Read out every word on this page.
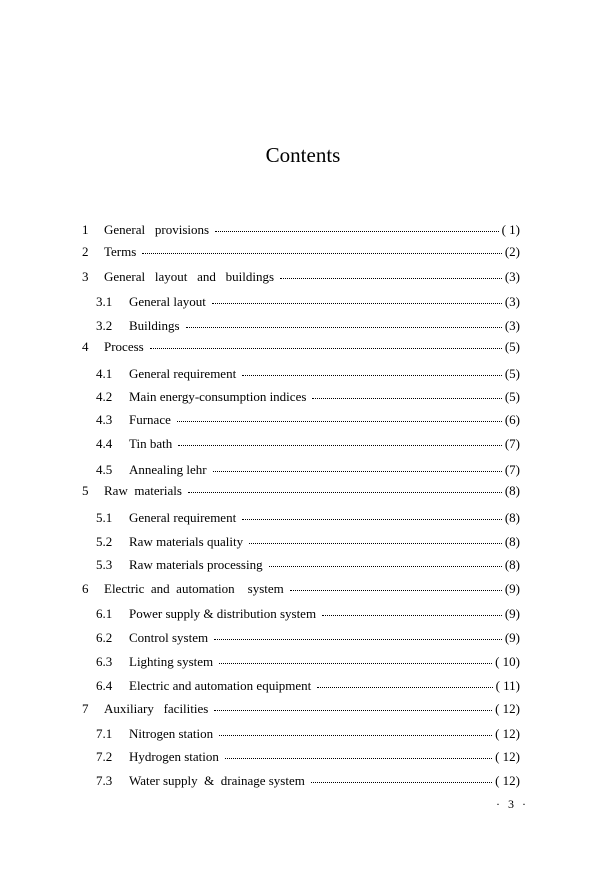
Contents
1	General   provisions	( 1)
2	Terms	(2)
3	General   layout   and   buildings	(3)
3.1	General layout	(3)
3.2	Buildings	(3)
4	Process	(5)
4.1	General requirement	(5)
4.2	Main energy-consumption indices	(5)
4.3	Furnace	(6)
4.4	Tin bath	(7)
4.5	Annealing lehr	(7)
5	Raw  materials	(8)
5.1	General requirement	(8)
5.2	Raw materials quality	(8)
5.3	Raw materials processing	(8)
6	Electric  and  automation    system	(9)
6.1	Power supply & distribution system	(9)
6.2	Control system	(9)
6.3	Lighting system	( 10)
6.4	Electric and automation equipment	( 11)
7	Auxiliary   facilities	( 12)
7.1	Nitrogen station	( 12)
7.2	Hydrogen station	( 12)
7.3	Water supply  &  drainage system	( 12)
· 3 ·
